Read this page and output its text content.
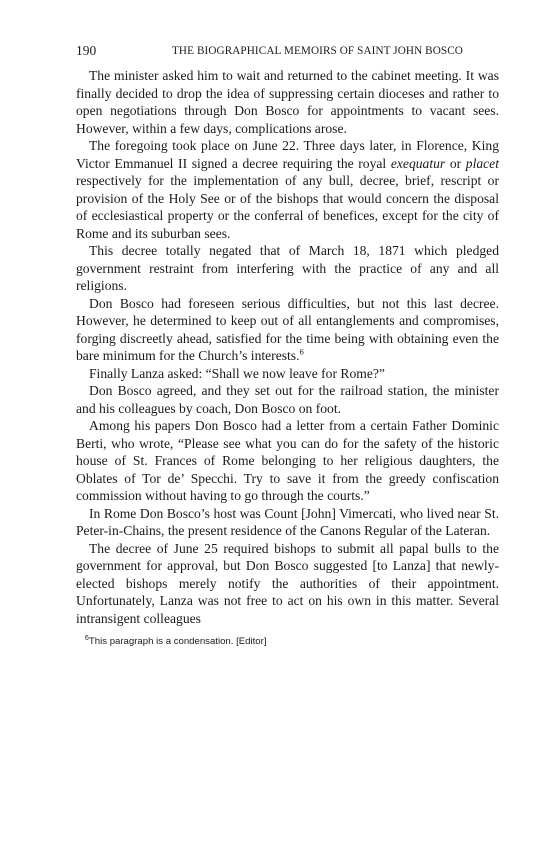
190	THE BIOGRAPHICAL MEMOIRS OF SAINT JOHN BOSCO

The minister asked him to wait and returned to the cabinet meeting. It was finally decided to drop the idea of suppressing certain dioceses and rather to open negotiations through Don Bosco for appointments to vacant sees. However, within a few days, complications arose.

The foregoing took place on June 22. Three days later, in Florence, King Victor Emmanuel II signed a decree requiring the royal exequatur or placet respectively for the implementation of any bull, decree, brief, rescript or provision of the Holy See or of the bishops that would concern the disposal of ecclesiastical property or the conferral of benefices, except for the city of Rome and its suburban sees.

This decree totally negated that of March 18, 1871 which pledged government restraint from interfering with the practice of any and all religions.

Don Bosco had foreseen serious difficulties, but not this last decree. However, he determined to keep out of all entanglements and compromises, forging discreetly ahead, satisfied for the time being with obtaining even the bare minimum for the Church’s interests.$^6$

Finally Lanza asked: “Shall we now leave for Rome?”

Don Bosco agreed, and they set out for the railroad station, the minister and his colleagues by coach, Don Bosco on foot.

Among his papers Don Bosco had a letter from a certain Father Dominic Berti, who wrote, “Please see what you can do for the safety of the historic house of St. Frances of Rome belonging to her religious daughters, the Oblates of Tor de’ Specchi. Try to save it from the greedy confiscation commission without having to go through the courts.”

In Rome Don Bosco’s host was Count [John] Vimercati, who lived near St. Peter-in-Chains, the present residence of the Canons Regular of the Lateran.

The decree of June 25 required bishops to submit all papal bulls to the government for approval, but Don Bosco suggested [to Lanza] that newly-elected bishops merely notify the authorities of their appointment. Unfortunately, Lanza was not free to act on his own in this matter. Several intransigent colleagues

$^6$This paragraph is a condensation. [Editor]
